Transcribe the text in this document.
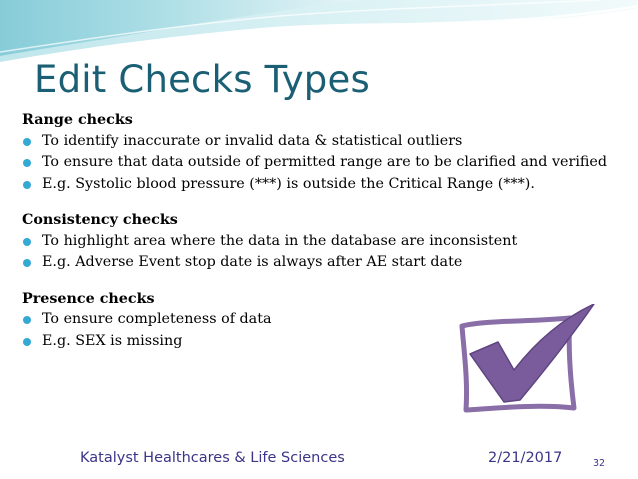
Edit Checks Types

Range checks

To identify inaccurate or invalid data & statistical outliers
To ensure that data outside of permitted range are to be clarified and verified
E.g. Systolic blood pressure (***) is outside the Critical Range (***).

Consistency checks

To highlight area where the data in the database are inconsistent
E.g. Adverse Event stop date is always after AE start date

Presence checks

To ensure completeness of data
E.g. SEX is missing
Katalyst Healthcares & Life Sciences	2/21/2017	32
